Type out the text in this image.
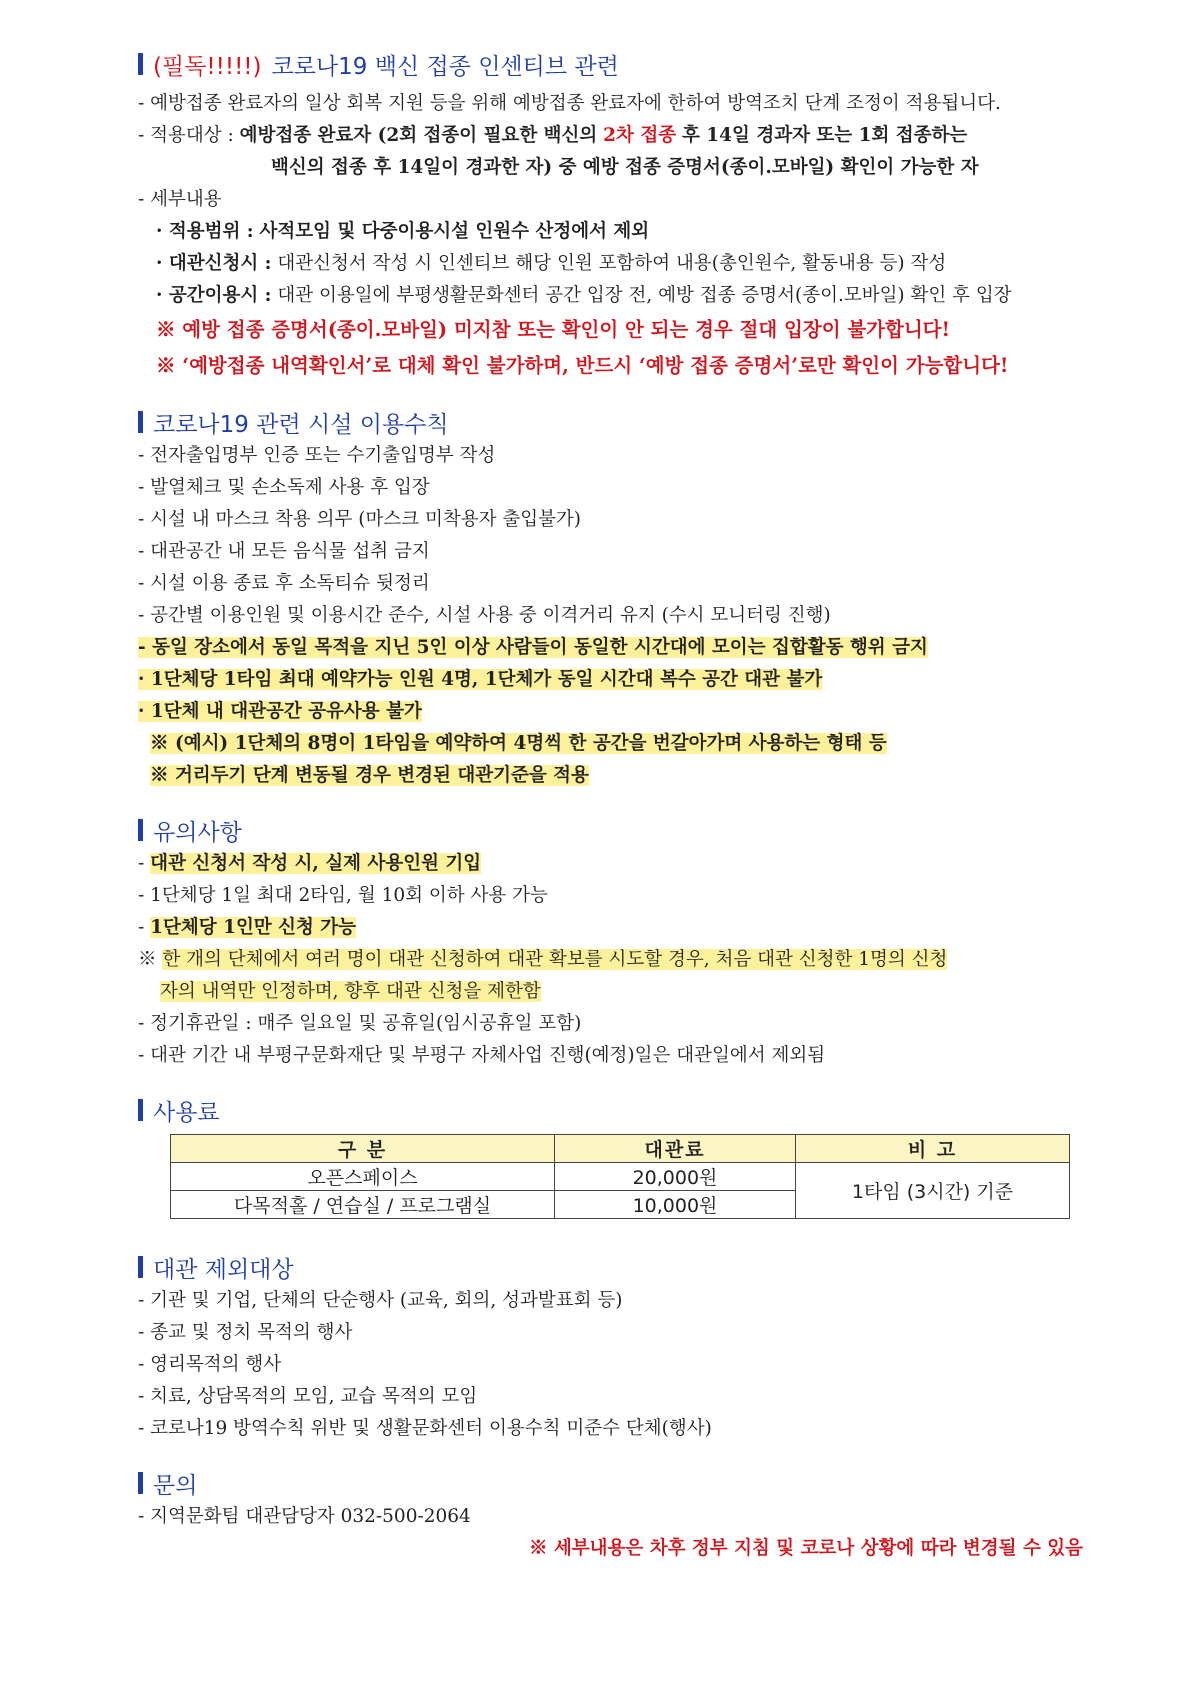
(필독!!!!!) 코로나19 백신 접종 인센티브 관련
- 예방접종 완료자의 일상 회복 지원 등을 위해 예방접종 완료자에 한하여 방역조치 단계 조정이 적용됩니다.
- 적용대상 : 예방접종 완료자 (2회 접종이 필요한 백신의 2차 접종 후 14일 경과자 또는 1회 접종하는
백신의 접종 후 14일이 경과한 자) 중 예방 접종 증명서(종이.모바일) 확인이 가능한 자
- 세부내용
· 적용범위 : 사적모임 및 다중이용시설 인원수 산정에서 제외
· 대관신청시 : 대관신청서 작성 시 인센티브 해당 인원 포함하여 내용(총인원수, 활동내용 등) 작성
· 공간이용시 : 대관 이용일에 부평생활문화센터 공간 입장 전, 예방 접종 증명서(종이.모바일) 확인 후 입장
※ 예방 접종 증명서(종이.모바일) 미지참 또는 확인이 안 되는 경우 절대 입장이 불가합니다!
※ ‘예방접종 내역확인서’로 대체 확인 불가하며, 반드시 ‘예방 접종 증명서’로만 확인이 가능합니다!
코로나19 관련 시설 이용수칙
- 전자출입명부 인증 또는 수기출입명부 작성
- 발열체크 및 손소독제 사용 후 입장
- 시설 내 마스크 착용 의무 (마스크 미착용자 출입불가)
- 대관공간 내 모든 음식물 섭취 금지
- 시설 이용 종료 후 소독티슈 뒷정리
- 공간별 이용인원 및 이용시간 준수, 시설 사용 중 이격거리 유지 (수시 모니터링 진행)
- 동일 장소에서 동일 목적을 지닌 5인 이상 사람들이 동일한 시간대에 모이는 집합활동 행위 금지
· 1단체당 1타임 최대 예약가능 인원 4명, 1단체가 동일 시간대 복수 공간 대관 불가
· 1단체 내 대관공간 공유사용 불가
※ (예시) 1단체의 8명이 1타임을 예약하여 4명씩 한 공간을 번갈아가며 사용하는 형태 등
※ 거리두기 단계 변동될 경우 변경된 대관기준을 적용
유의사항
- 대관 신청서 작성 시, 실제 사용인원 기입
- 1단체당 1일 최대 2타임, 월 10회 이하 사용 가능
- 1단체당 1인만 신청 가능
※ 한 개의 단체에서 여러 명이 대관 신청하여 대관 확보를 시도할 경우, 처음 대관 신청한 1명의 신청
자의 내역만 인정하며, 향후 대관 신청을 제한함
- 정기휴관일 : 매주 일요일 및 공휴일(임시공휴일 포함)
- 대관 기간 내 부평구문화재단 및 부평구 자체사업 진행(예정)일은 대관일에서 제외됨
사용료
구 분	대관료	비 고
오픈스페이스	20,000원	1타임 (3시간) 기준
다목적홀 / 연습실 / 프로그램실	10,000원	
대관 제외대상
- 기관 및 기업, 단체의 단순행사 (교육, 회의, 성과발표회 등)
- 종교 및 정치 목적의 행사
- 영리목적의 행사
- 치료, 상담목적의 모임, 교습 목적의 모임
- 코로나19 방역수칙 위반 및 생활문화센터 이용수칙 미준수 단체(행사)
문의
- 지역문화팀 대관담당자 032-500-2064
※ 세부내용은 차후 정부 지침 및 코로나 상황에 따라 변경될 수 있음
